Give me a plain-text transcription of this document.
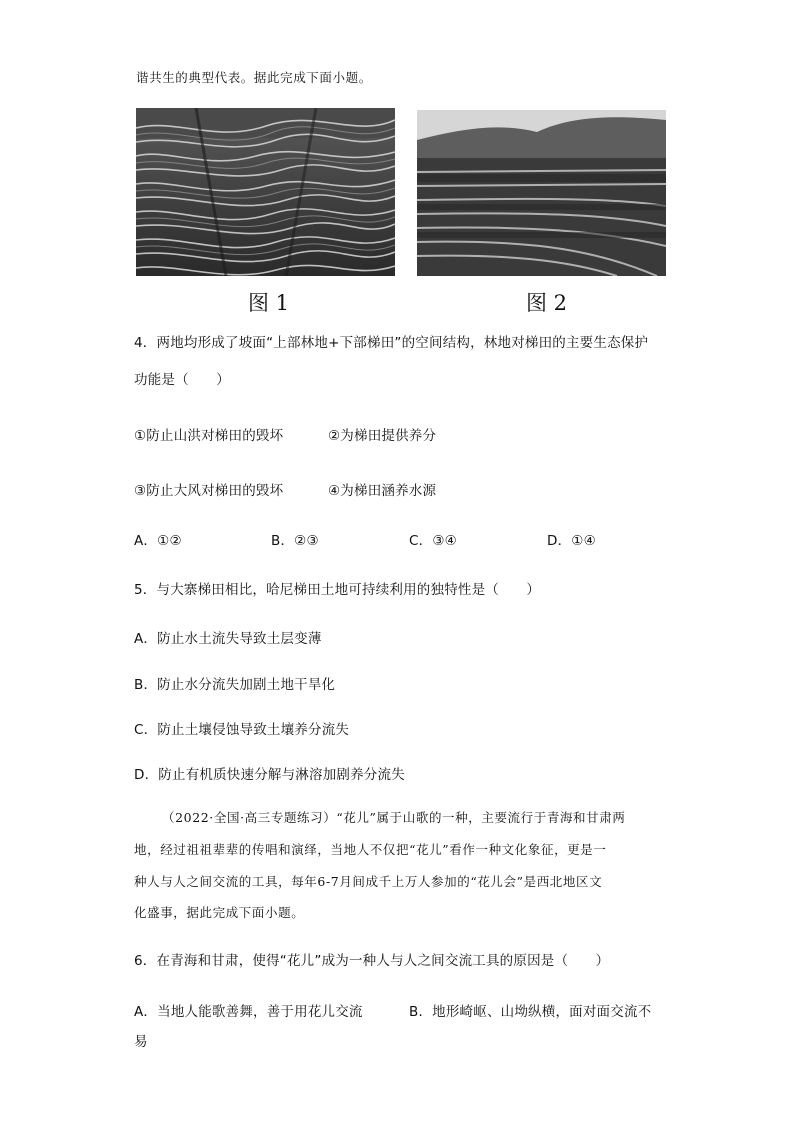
谐共生的典型代表。据此完成下面小题。
图 1	图 2
4．两地均形成了坡面“上部林地+下部梯田”的空间结构，林地对梯田的主要生态保护
功能是（　　）
①防止山洪对梯田的毁坏	②为梯田提供养分
③防止大风对梯田的毁坏	④为梯田涵养水源
A．①②	B．②③	C．③④	D．①④
5．与大寨梯田相比，哈尼梯田土地可持续利用的独特性是（　　）
A．防止水土流失导致土层变薄
B．防止水分流失加剧土地干旱化
C．防止土壤侵蚀导致土壤养分流失
D．防止有机质快速分解与淋溶加剧养分流失
（2022·全国·高三专题练习）“花儿”属于山歌的一种，主要流行于青海和甘肃两
地，经过祖祖辈辈的传唱和演绎，当地人不仅把“花儿”看作一种文化象征，更是一
种人与人之间交流的工具，每年6-7月间成千上万人参加的“花儿会”是西北地区文
化盛事，据此完成下面小题。
6．在青海和甘肃，使得“花儿”成为一种人与人之间交流工具的原因是（　　）
A．当地人能歌善舞，善于用花儿交流	B．地形崎岖、山坳纵横，面对面交流不
易
